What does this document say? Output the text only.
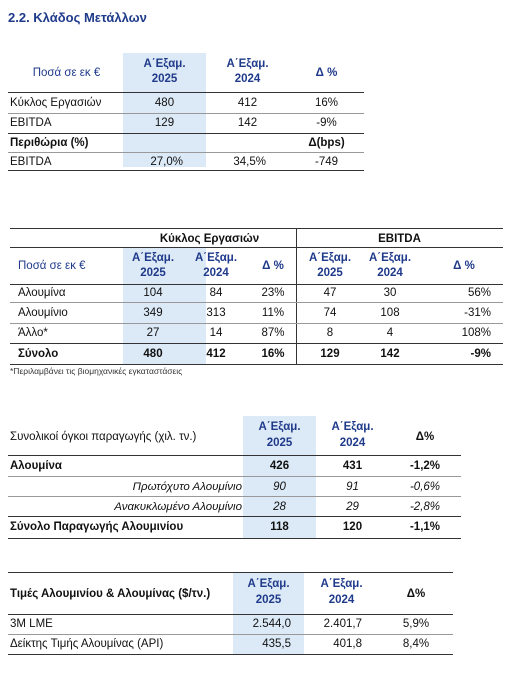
2.2. Κλάδος Μετάλλων
Ποσά σε εκ €
Α΄Εξαμ.
2025
Α΄Εξαμ.
2024	Δ %
Κύκλος Εργασιών	480	412	16%
EBITDA	129	142	-9%
Περιθώρια (%)	Δ(bps)
EBITDA	27,0%	34,5%	-749
Κύκλος Εργασιών	EBITDA
Ποσά σε εκ €
Α΄Εξαμ.
2025
Α΄Εξαμ.
2024
Δ %
Α΄Εξαμ.
2025
Α΄Εξαμ.
2024
Δ %
Αλουμίνα	104	84	23%	47	30	56%
Αλουμίνιο	349	313	11%	74	108	-31%
Άλλο*	27	14	87%	8	4	108%
Σύνολο	480	412	16%	129	142	-9%
*Περιλαμβάνει τις βιομηχανικές εγκαταστάσεις
Συνολικοί όγκοι παραγωγής (χιλ. τν.)
Α΄Εξαμ.
2025
Α΄Εξαμ.
2024	Δ%
Αλουμίνα	426	431	-1,2%
Πρωτόχυτο Αλουμίνιο	90	91	-0,6%
Ανακυκλωμένο Αλουμίνιο	28	29	-2,8%
Σύνολο Παραγωγής Αλουμινίου	118	120	-1,1%
Τιμές Αλουμινίου & Αλουμίνας ($/τν.)
Α΄Εξαμ.
2025
Α΄Εξαμ.
2024	Δ%
3M LME	2.544,0	2.401,7	5,9%
Δείκτης Τιμής Αλουμίνας (API)	435,5	401,8	8,4%
